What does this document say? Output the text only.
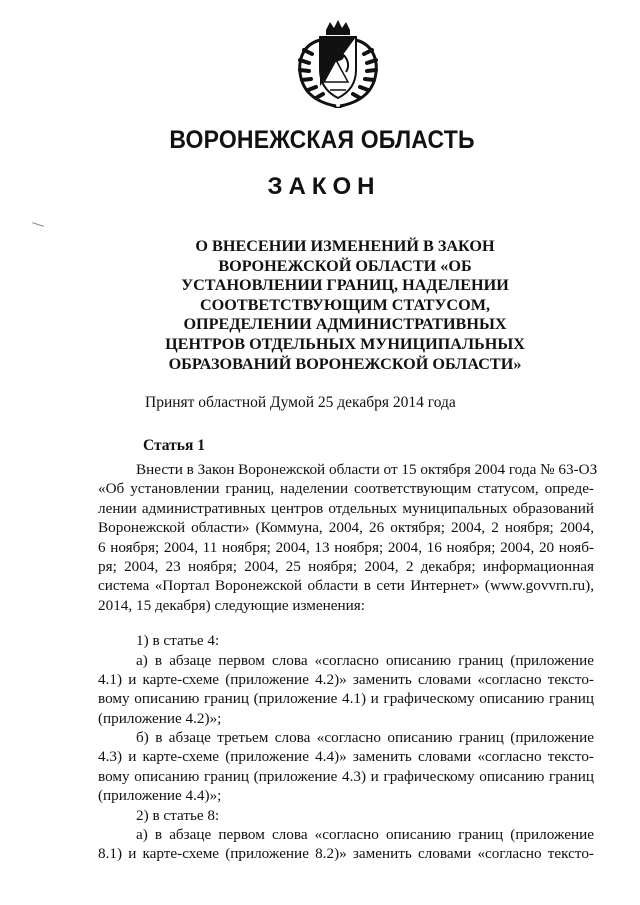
ВОРОНЕЖСКАЯ ОБЛАСТЬ
ЗАКОН
О ВНЕСЕНИИ ИЗМЕНЕНИЙ В ЗАКОН
ВОРОНЕЖСКОЙ ОБЛАСТИ «ОБ
УСТАНОВЛЕНИИ ГРАНИЦ, НАДЕЛЕНИИ
СООТВЕТСТВУЮЩИМ СТАТУСОМ,
ОПРЕДЕЛЕНИИ АДМИНИСТРАТИВНЫХ
ЦЕНТРОВ ОТДЕЛЬНЫХ МУНИЦИПАЛЬНЫХ
ОБРАЗОВАНИЙ ВОРОНЕЖСКОЙ ОБЛАСТИ»
Принят областной Думой 25 декабря 2014 года
Статья 1
Внести в Закон Воронежской области от 15 октября 2004 года № 63-ОЗ
«Об установлении границ, наделении соответствующим статусом, опреде-
лении административных центров отдельных муниципальных образований
Воронежской области» (Коммуна, 2004, 26 октября; 2004, 2 ноября; 2004,
6 ноября; 2004, 11 ноября; 2004, 13 ноября; 2004, 16 ноября; 2004, 20 нояб-
ря; 2004, 23 ноября; 2004, 25 ноября; 2004, 2 декабря; информационная
система «Портал Воронежской области в сети Интернет» (www.govvrn.ru),
2014, 15 декабря) следующие изменения:
1) в статье 4:
а) в абзаце первом слова «согласно описанию границ (приложение
4.1) и карте-схеме (приложение 4.2)» заменить словами «согласно тексто-
вому описанию границ (приложение 4.1) и графическому описанию границ
(приложение 4.2)»;
б) в абзаце третьем слова «согласно описанию границ (приложение
4.3) и карте-схеме (приложение 4.4)» заменить словами «согласно тексто-
вому описанию границ (приложение 4.3) и графическому описанию границ
(приложение 4.4)»;
2) в статье 8:
а) в абзаце первом слова «согласно описанию границ (приложение
8.1) и карте-схеме (приложение 8.2)» заменить словами «согласно тексто-
